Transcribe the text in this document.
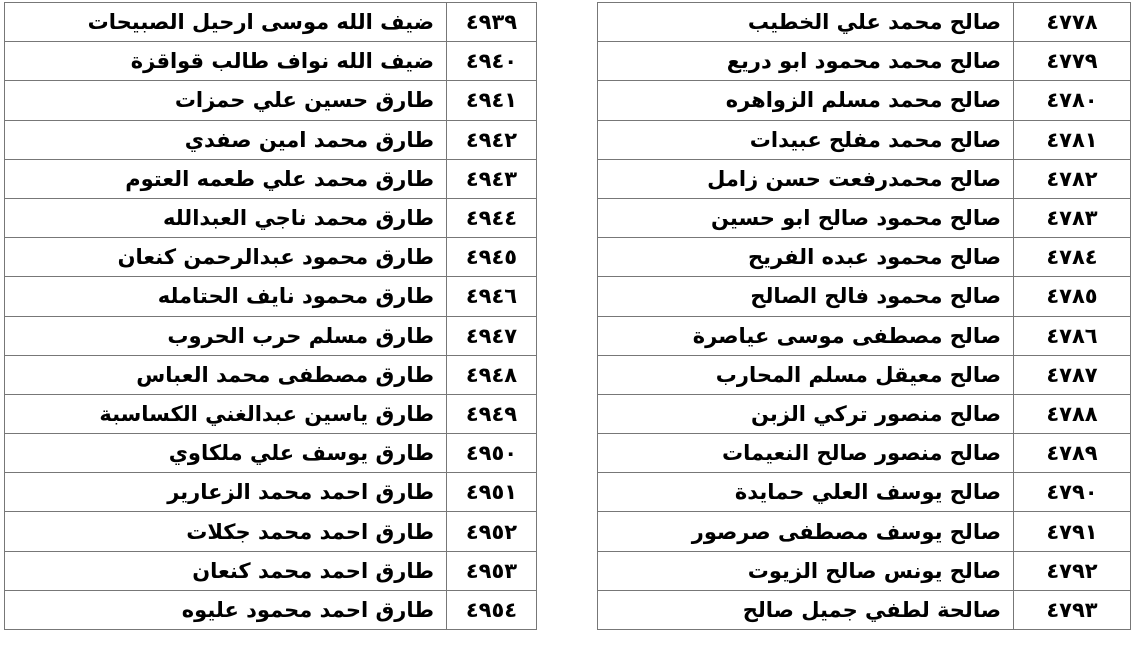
٤٩٣٩	ضيف الله موسى ارحيل الصبيحات
٤٩٤٠	ضيف الله نواف طالب قواقزة
٤٩٤١	طارق حسين علي حمزات
٤٩٤٢	طارق محمد امين صفدي
٤٩٤٣	طارق محمد علي طعمه العتوم
٤٩٤٤	طارق محمد ناجي العبدالله
٤٩٤٥	طارق محمود عبدالرحمن كنعان
٤٩٤٦	طارق محمود نايف الحتامله
٤٩٤٧	طارق مسلم حرب الحروب
٤٩٤٨	طارق مصطفى محمد العباس
٤٩٤٩	طارق ياسين عبدالغني الكساسبة
٤٩٥٠	طارق يوسف علي ملكاوي
٤٩٥١	طارق احمد محمد الزعارير
٤٩٥٢	طارق احمد محمد جكلات
٤٩٥٣	طارق احمد محمد كنعان
٤٩٥٤	طارق احمد محمود عليوه
٤٧٧٨	صالح محمد علي الخطيب
٤٧٧٩	صالح محمد محمود ابو دريع
٤٧٨٠	صالح محمد مسلم الزواهره
٤٧٨١	صالح محمد مفلح عبيدات
٤٧٨٢	صالح محمدرفعت حسن زامل
٤٧٨٣	صالح محمود صالح ابو حسين
٤٧٨٤	صالح محمود عبده الفريح
٤٧٨٥	صالح محمود فالح الصالح
٤٧٨٦	صالح مصطفى موسى عياصرة
٤٧٨٧	صالح معيقل مسلم المحارب
٤٧٨٨	صالح منصور تركي الزبن
٤٧٨٩	صالح منصور صالح النعيمات
٤٧٩٠	صالح يوسف العلي حمايدة
٤٧٩١	صالح يوسف مصطفى صرصور
٤٧٩٢	صالح يونس صالح الزيوت
٤٧٩٣	صالحة لطفي جميل صالح
